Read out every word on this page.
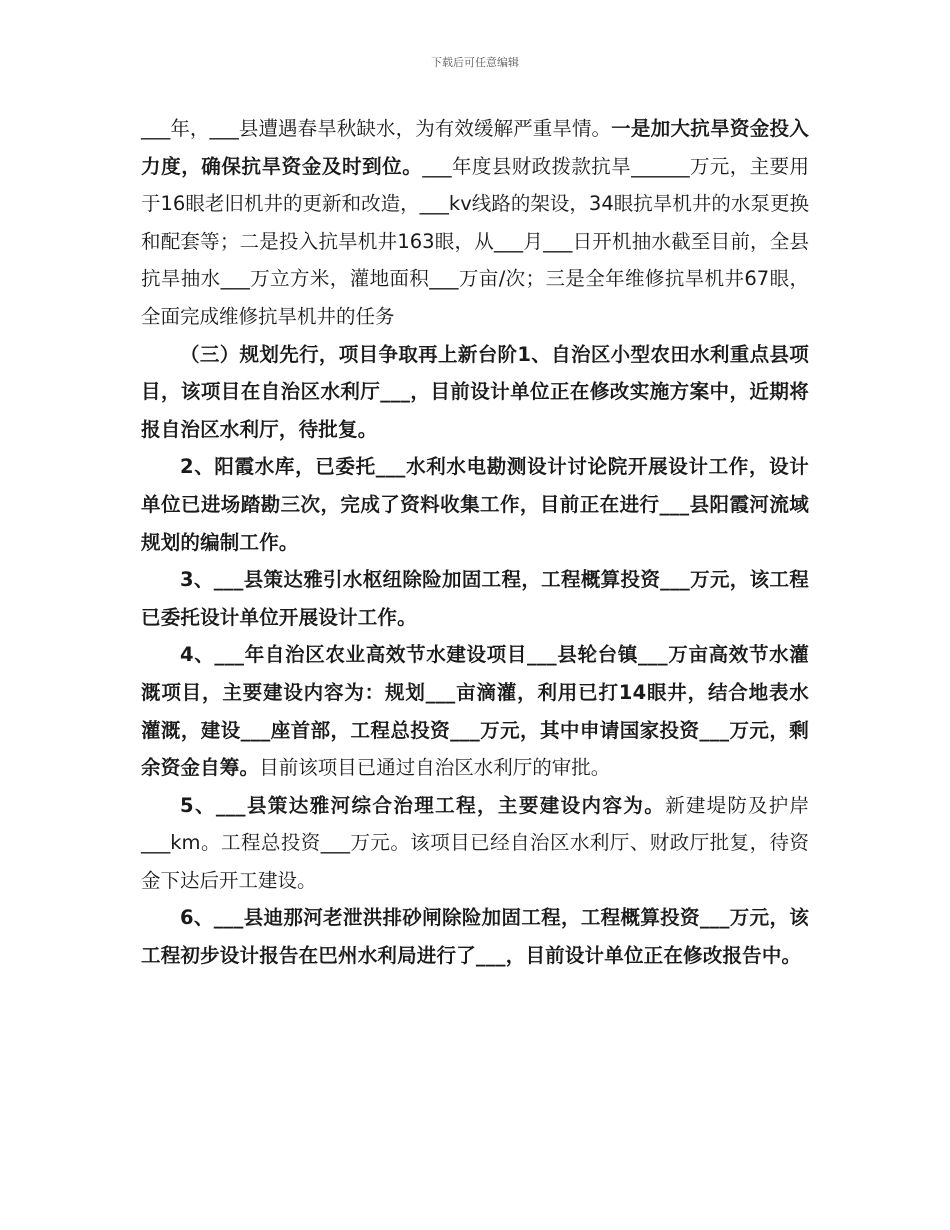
下载后可任意编辑

___年，___县遭遇春旱秋缺水，为有效缓解严重旱情。一是加大抗旱资金投入力度，确保抗旱资金及时到位。___年度县财政拨款抗旱______万元，主要用于16眼老旧机井的更新和改造，___kv线路的架设，34眼抗旱机井的水泵更换和配套等；二是投入抗旱机井163眼，从___月___日开机抽水截至目前，全县抗旱抽水___万立方米，灌地面积___万亩/次；三是全年维修抗旱机井67眼，全面完成维修抗旱机井的任务

（三）规划先行，项目争取再上新台阶1、自治区小型农田水利重点县项目，该项目在自治区水利厅___，目前设计单位正在修改实施方案中，近期将报自治区水利厅，待批复。

2、阳霞水库，已委托___水利水电勘测设计讨论院开展设计工作，设计单位已进场踏勘三次，完成了资料收集工作，目前正在进行___县阳霞河流域规划的编制工作。

3、___县策达雅引水枢纽除险加固工程，工程概算投资___万元，该工程已委托设计单位开展设计工作。

4、___年自治区农业高效节水建设项目___县轮台镇___万亩高效节水灌溉项目，主要建设内容为：规划___亩滴灌，利用已打14眼井，结合地表水灌溉，建设___座首部，工程总投资___万元，其中申请国家投资___万元，剩余资金自筹。目前该项目已通过自治区水利厅的审批。

5、___县策达雅河综合治理工程，主要建设内容为。新建堤防及护岸___km。工程总投资___万元。该项目已经自治区水利厅、财政厅批复，待资金下达后开工建设。

6、___县迪那河老泄洪排砂闸除险加固工程，工程概算投资___万元，该工程初步设计报告在巴州水利局进行了___，目前设计单位正在修改报告中。
